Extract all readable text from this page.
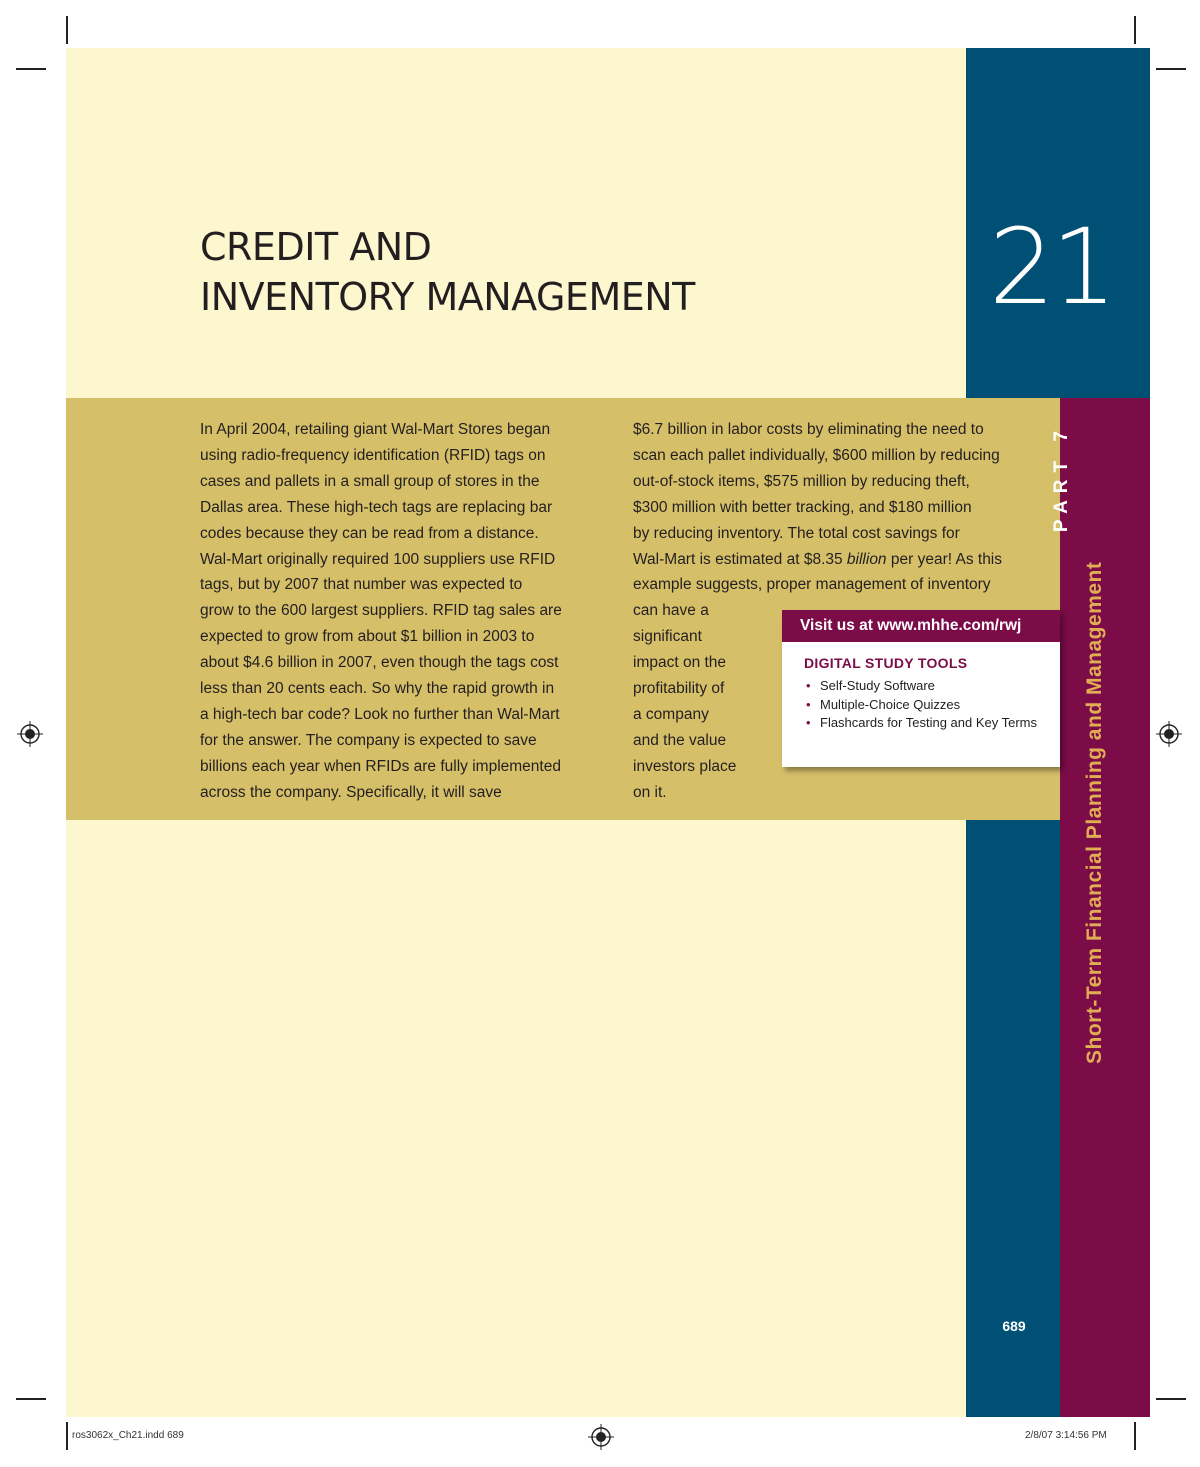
CREDIT AND
INVENTORY MANAGEMENT	21
In April 2004, retailing giant Wal-Mart Stores began
using radio-frequency identification (RFID) tags on
cases and pallets in a small group of stores in the
Dallas area. These high-tech tags are replacing bar
codes because they can be read from a distance.
Wal-Mart originally required 100 suppliers use RFID
tags, but by 2007 that number was expected to
grow to the 600 largest suppliers. RFID tag sales are
expected to grow from about $1 billion in 2003 to
about $4.6 billion in 2007, even though the tags cost
less than 20 cents each. So why the rapid growth in
a high-tech bar code? Look no further than Wal-Mart
for the answer. The company is expected to save
billions each year when RFIDs are fully implemented
across the company. Specifically, it will save
$6.7 billion in labor costs by eliminating the need to
scan each pallet individually, $600 million by reducing
out-of-stock items, $575 million by reducing theft,
$300 million with better tracking, and $180 million
by reducing inventory. The total cost savings for
Wal-Mart is estimated at $8.35 billion per year! As this
example suggests, proper management of inventory
can have a
significant
impact on the
profitability of
a company
and the value
investors place
on it.
Visit us at www.mhhe.com/rwj
DIGITAL STUDY TOOLS
• Self-Study Software
• Multiple-Choice Quizzes
• Flashcards for Testing and Key Terms
PART 7
Short-Term Financial Planning and Management
689
ros3062x_Ch21.indd 689	2/8/07 3:14:56 PM
